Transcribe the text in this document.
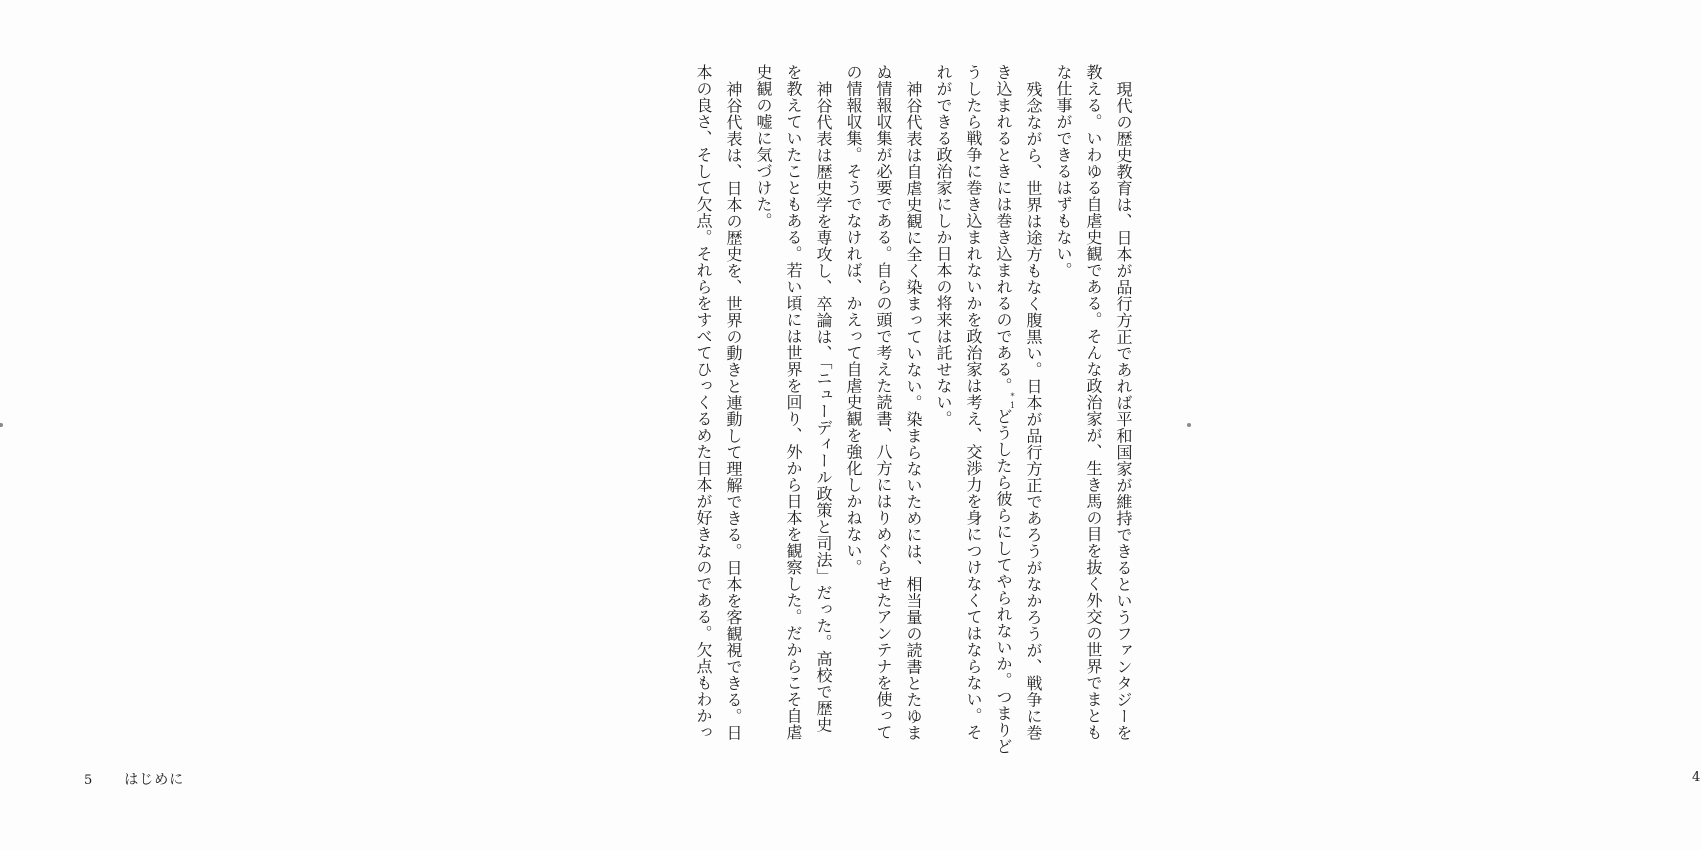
現代の歴史教育は、日本が品行方正であれば平和国家が維持できるというファンタジーを
教える。いわゆる自虐史観である。そんな政治家が、生き馬の目を抜く外交の世界でまとも
な仕事ができるはずもない。
残念ながら、世界は途方もなく腹黒い。日本が品行方正であろうがなかろうが、戦争に巻
き込まれるときには巻き込まれるのである。*1どうしたら彼らにしてやられないか。つまりど
うしたら戦争に巻き込まれないかを政治家は考え、交渉力を身につけなくてはならない。そ
れができる政治家にしか日本の将来は託せない。
神谷代表は自虐史観に全く染まっていない。染まらないためには、相当量の読書とたゆま
ぬ情報収集が必要である。自らの頭で考えた読書、八方にはりめぐらせたアンテナを使って
の情報収集。そうでなければ、かえって自虐史観を強化しかねない。
神谷代表は歴史学を専攻し、卒論は、「ニューディール政策と司法」だった。高校で歴史
を教えていたこともある。若い頃には世界を回り、外から日本を観察した。だからこそ自虐
史観の嘘に気づけた。
神谷代表は、日本の歴史を、世界の動きと連動して理解できる。日本を客観視できる。日
本の良さ、そして欠点。それらをすべてひっくるめた日本が好きなのである。欠点もわかっ
4
5 はじめに
